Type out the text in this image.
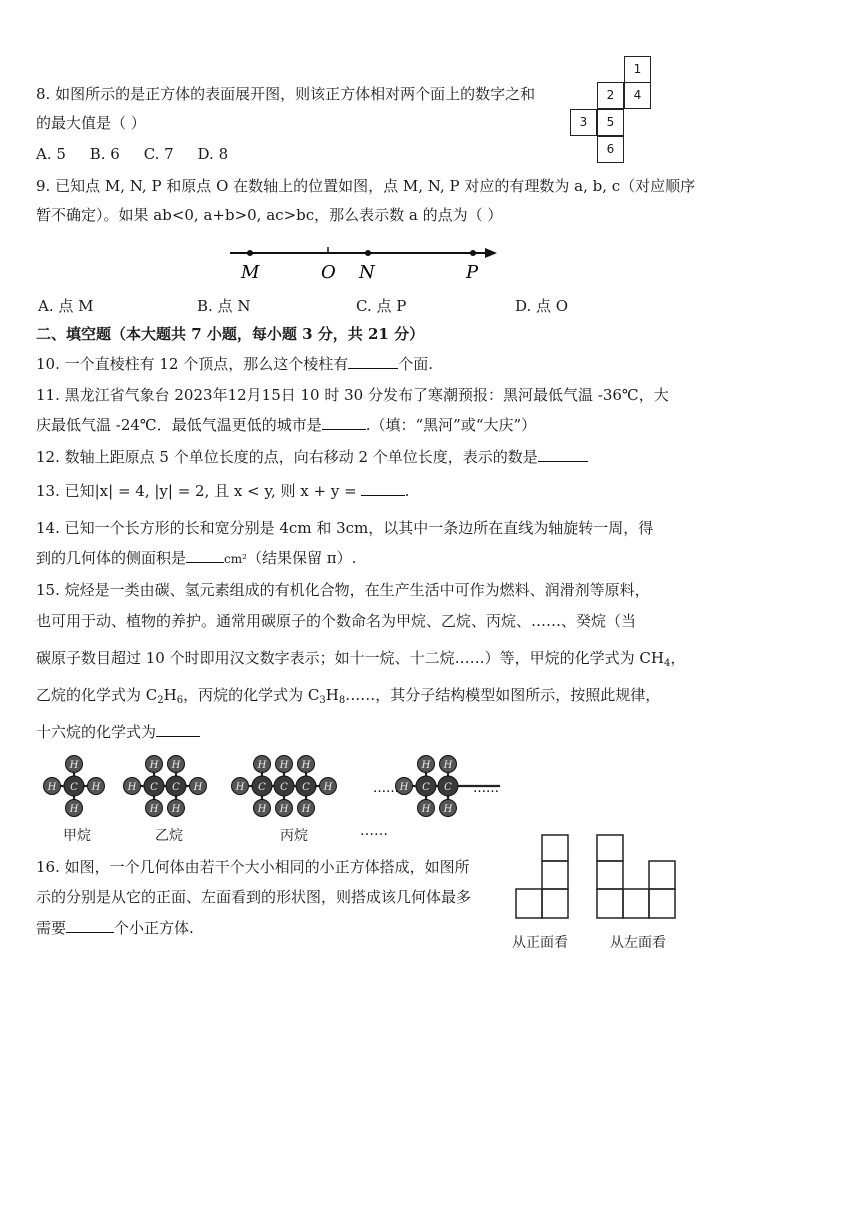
8. 如图所示的是正方体的表面展开图，则该正方体相对两个面上的数字之和
的最大值是（ ）
A. 5     B. 6     C. 7     D. 8
1
2	4
3	5
6
9. 已知点 M, N, P 和原点 O 在数轴上的位置如图，点 M, N, P 对应的有理数为 a, b, c（对应顺序
暂不确定）。如果 ab<0, a+b>0, ac>bc，那么表示数 a 的点为（ ）
M	O N	P
A. 点 M	B. 点 N	C. 点 P	D. 点 O
二、填空题（本大题共 7 小题，每小题 3 分，共 21 分）
10. 一个直棱柱有 12 个顶点，那么这个棱柱有	个面.
11. 黑龙江省气象台 2023年12月15日 10 时 30 分发布了寒潮预报：黑河最低气温 -36℃，大
庆最低气温 -24℃．最低气温更低的城市是	.（填：“黑河”或“大庆”）
12. 数轴上距原点 5 个单位长度的点，向右移动 2 个单位长度，表示的数是
13. 已知|x| = 4, |y| = 2, 且 x < y, 则 x + y =	.
14. 已知一个长方形的长和宽分别是 4cm 和 3cm，以其中一条边所在直线为轴旋转一周，得
到的几何体的侧面积是	cm²（结果保留 π）.
15. 烷烃是一类由碳、氢元素组成的有机化合物，在生产生活中可作为燃料、润滑剂等原料，
也可用于动、植物的养护。通常用碳原子的个数命名为甲烷、乙烷、丙烷、……、癸烷（当
碳原子数目超过 10 个时即用汉文数字表示；如十一烷、十二烷……）等，甲烷的化学式为 $CH_4$，
乙烷的化学式为 $C_2H_6$，丙烷的化学式为 $C_3H_8\dots\dots$，其分子结构模型如图所示，按照此规律，
十六烷的化学式为
H
H
H
C H	H
H
H
C
H
H
C H	H
H
H
C
H
H
C
H
H
C H	H
H
H
C
H
H
C
……	……
甲烷	乙烷	丙烷	……
16. 如图，一个几何体由若干个大小相同的小正方体搭成，如图所
示的分别是从它的正面、左面看到的形状图，则搭成该几何体最多
需要	个小正方体.
从正面看	从左面看
